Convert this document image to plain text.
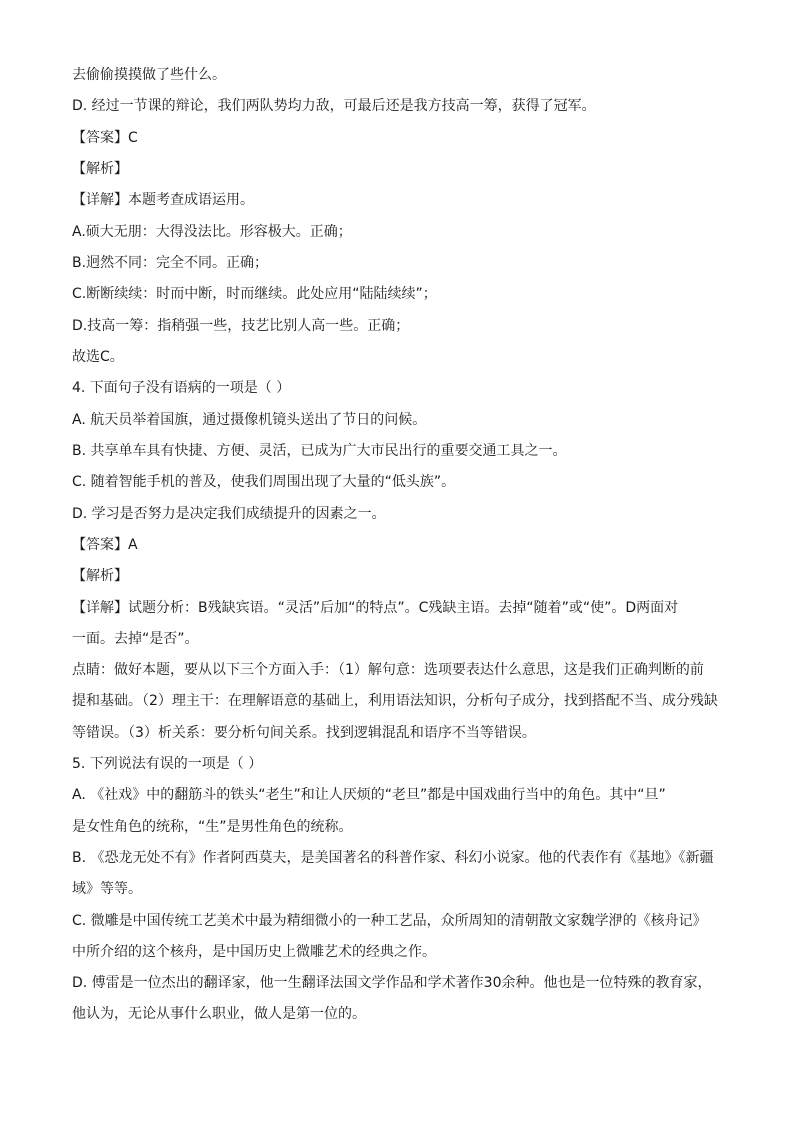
去偷偷摸摸做了些什么。
D. 经过一节课的辩论，我们两队势均力敌，可最后还是我方技高一筹，获得了冠军。
【答案】C
【解析】
【详解】本题考查成语运用。
A.硕大无朋：大得没法比。形容极大。正确；
B.迥然不同：完全不同。正确；
C.断断续续：时而中断，时而继续。此处应用“陆陆续续”；
D.技高一筹：指稍强一些，技艺比别人高一些。正确；
故选C。
4. 下面句子没有语病的一项是（ ）
A. 航天员举着国旗，通过摄像机镜头送出了节日的问候。
B. 共享单车具有快捷、方便、灵活，已成为广大市民出行的重要交通工具之一。
C. 随着智能手机的普及，使我们周围出现了大量的“低头族”。
D. 学习是否努力是决定我们成绩提升的因素之一。
【答案】A
【解析】
【详解】试题分析：B残缺宾语。“灵活”后加“的特点”。C残缺主语。去掉“随着”或“使”。D两面对
一面。去掉“是否”。
点睛：做好本题，要从以下三个方面入手：（1）解句意：选项要表达什么意思，这是我们正确判断的前
提和基础。（2）理主干：在理解语意的基础上，利用语法知识，分析句子成分，找到搭配不当、成分残缺
等错误。（3）析关系：要分析句间关系。找到逻辑混乱和语序不当等错误。
5. 下列说法有误的一项是（ ）
A. 《社戏》中的翻筋斗的铁头“老生”和让人厌烦的“老旦”都是中国戏曲行当中的角色。其中“旦”
是女性角色的统称，“生”是男性角色的统称。
B. 《恐龙无处不有》作者阿西莫夫，是美国著名的科普作家、科幻小说家。他的代表作有《基地》《新疆
域》等等。
C. 微雕是中国传统工艺美术中最为精细微小的一种工艺品，众所周知的清朝散文家魏学洢的《核舟记》
中所介绍的这个核舟，是中国历史上微雕艺术的经典之作。
D. 傅雷是一位杰出的翻译家，他一生翻译法国文学作品和学术著作30余种。他也是一位特殊的教育家，
他认为，无论从事什么职业，做人是第一位的。
